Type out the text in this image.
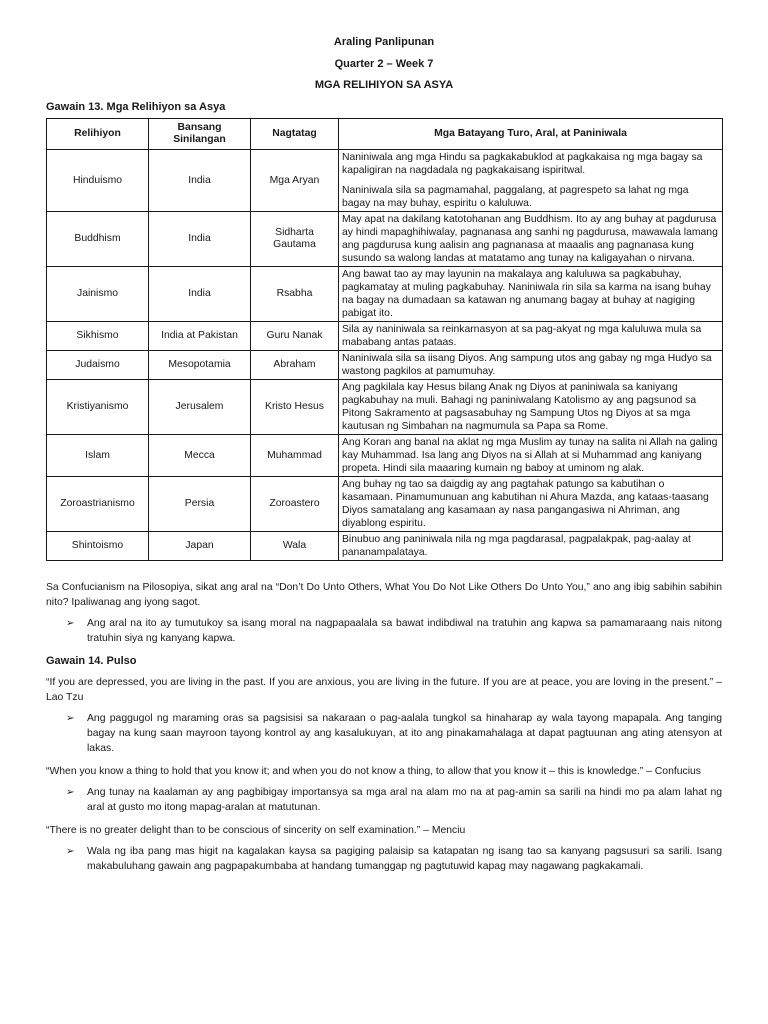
Araling Panlipunan
Quarter 2 – Week 7
MGA RELIHIYON SA ASYA
Gawain 13. Mga Relihiyon sa Asya
Relihiyon	Bansang Sinilangan	Nagtatag	Mga Batayang Turo, Aral, at Paniniwala
Hinduismo	India	Mga Aryan	Naniniwala ang mga Hindu sa pagkakabuklod at pagkakaisa ng mga bagay sa kapaligiran na nagdadala ng pagkakaisang ispiritwal.
Naniniwala sila sa pagmamahal, paggalang, at pagrespeto sa lahat ng mga bagay na may buhay, espiritu o kaluluwa.

Buddhism	India	Sidharta Gautama	May apat na dakilang katotohanan ang Buddhism. Ito ay ang buhay at pagdurusa ay hindi mapaghihiwalay, pagnanasa ang sanhi ng pagdurusa, mawawala lamang ang pagdurusa kung aalisin ang pagnanasa at maaalis ang pagnanasa kung susundo sa walong landas at matatamo ang tunay na kaligayahan o nirvana.
Jainismo	India	Rsabha	Ang bawat tao ay may layunin na makalaya ang kaluluwa sa pagkabuhay, pagkamatay at muling pagkabuhay. Naniniwala rin sila sa karma na isang buhay na bagay na dumadaan sa katawan ng anumang bagay at buhay at nagiging pabigat ito.
Sikhismo	India at Pakistan	Guru Nanak	Sila ay naniniwala sa reinkarnasyon at sa pag-akyat ng mga kaluluwa mula sa mababang antas pataas.
Judaismo	Mesopotamia	Abraham	Naniniwala sila sa iisang Diyos. Ang sampung utos ang gabay ng mga Hudyo sa wastong pagkilos at pamumuhay.
Kristiyanismo	Jerusalem	Kristo Hesus	Ang pagkilala kay Hesus bilang Anak ng Diyos at paniniwala sa kaniyang pagkabuhay na muli. Bahagi ng paniniwalang Katolismo ay ang pagsunod sa Pitong Sakramento at pagsasabuhay ng Sampung Utos ng Diyos at sa mga kautusan ng Simbahan na nagmumula sa Papa sa Rome.
Islam	Mecca	Muhammad	Ang Koran ang banal na aklat ng mga Muslim ay tunay na salita ni Allah na galing kay Muhammad. Isa lang ang Diyos na si Allah at si Muhammad ang kaniyang propeta. Hindi sila maaaring kumain ng baboy at uminom ng alak.
Zoroastrianismo	Persia	Zoroastero	Ang buhay ng tao sa daigdig ay ang pagtahak patungo sa kabutihan o kasamaan. Pinamumunuan ang kabutihan ni Ahura Mazda, ang kataas-taasang Diyos samatalang ang kasamaan ay nasa pangangasiwa ni Ahriman, ang diyablong espiritu.
Shintoismo	Japan	Wala	Binubuo ang paniniwala nila ng mga pagdarasal, pagpalakpak, pag-aalay at pananampalataya.
Sa Confucianism na Pilosopiya, sikat ang aral na “Don’t Do Unto Others, What You Do Not Like Others Do Unto You,” ano ang ibig sabihin sabihin nito? Ipaliwanag ang iyong sagot.
➢	Ang aral na ito ay tumutukoy sa isang moral na nagpapaalala sa bawat indibdiwal na tratuhin ang kapwa sa pamamaraang nais nitong tratuhin siya ng kanyang kapwa.
Gawain 14. Pulso
“If you are depressed, you are living in the past. If you are anxious, you are living in the future. If you are at peace, you are loving in the present.” – Lao Tzu
➢	Ang paggugol ng maraming oras sa pagsisisi sa nakaraan o pag-aalala tungkol sa hinaharap ay wala tayong mapapala. Ang tanging bagay na kung saan mayroon tayong kontrol ay ang kasalukuyan, at ito ang pinakamahalaga at dapat pagtuunan ang ating atensyon at lakas.
“When you know a thing to hold that you know it; and when you do not know a thing, to allow that you know it – this is knowledge.” – Confucius
➢	Ang tunay na kaalaman ay ang pagbibigay importansya sa mga aral na alam mo na at pag-amin sa sarili na hindi mo pa alam lahat ng aral at gusto mo itong mapag-aralan at matutunan.
“There is no greater delight than to be conscious of sincerity on self examination.” – Menciu
➢	Wala ng iba pang mas higit na kagalakan kaysa sa pagiging palaisip sa katapatan ng isang tao sa kanyang pagsusuri sa sarili. Isang makabuluhang gawain ang pagpapakumbaba at handang tumanggap ng pagtutuwid kapag may nagawang pagkakamali.
